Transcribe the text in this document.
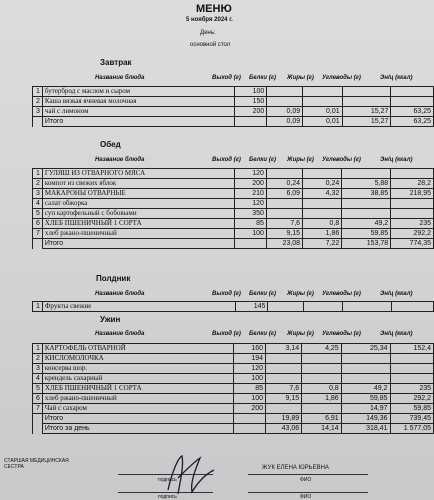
МЕНЮ
5 ноября 2024 г.
День:
основной стол
Завтрак
Название блюда	Выход (г) Белки (г) Жиры (г) Углеводы (г)	Эн/ц (ккал)
1	бутерброд с маслом и сыром	100				
2	Каша вязкая ячневая молочная	150				
3	чай с лимоном	200	0,09	0,01	15,27	63,25
	Итого		0,09	0,01	15,27	63,25
Обед
Название блюда	Выход (г) Белки (г) Жиры (г) Углеводы (г)	Эн/ц (ккал)
1	ГУЛЯШ ИЗ ОТВАРНОГО МЯСА	120				
2	компот из свежих яблок	200	0,24	0,24	5,88	28,2
3	МАКАРОНЫ ОТВАРНЫЕ	210	6,09	4,32	38,85	218,95
4	салат обжорка	120				
5	суп картофельный с бобовыми	350				
6	ХЛЕБ ПШЕНИЧНЫЙ 1 СОРТА	85	7,6	0,8	49,2	235
7	хлеб ржано-пшеничный	100	9,15	1,86	59,85	292,2
	Итого		23,08	7,22	153,78	774,35
Полдник
Название блюда	Выход (г) Белки (г) Жиры (г) Углеводы (г)	Эн/ц (ккал)
1	Фрукты свежие	145				
Ужин
Название блюда	Выход (г) Белки (г) Жиры (г) Углеводы (г)	Эн/ц (ккал)
1	КАРТОФЕЛЬ ОТВАРНОЙ	160	3,14	4,25	25,34	152,4
2	КИСЛОМОЛОЧКА	194				
3	консерва шор.	120				
4	крендель сахарный	100				
5	ХЛЕБ ПШЕНИЧНЫЙ 1 СОРТА	85	7,6	0,8	49,2	235
6	хлеб ржано-пшеничный	100	9,15	1,86	59,85	292,2
7	Чай с сахаром	200			14,97	59,85
	Итого		19,89	6,91	149,36	739,45
	Итого за день		43,06	14,14	318,41	1 577,05
СТАРШАЯ МЕДИЦИНСКАЯ СЕСТРА
подпись
ЖУК ЕЛЕНА ЮРЬЕВНА
ФИО
подпись	ФИО
